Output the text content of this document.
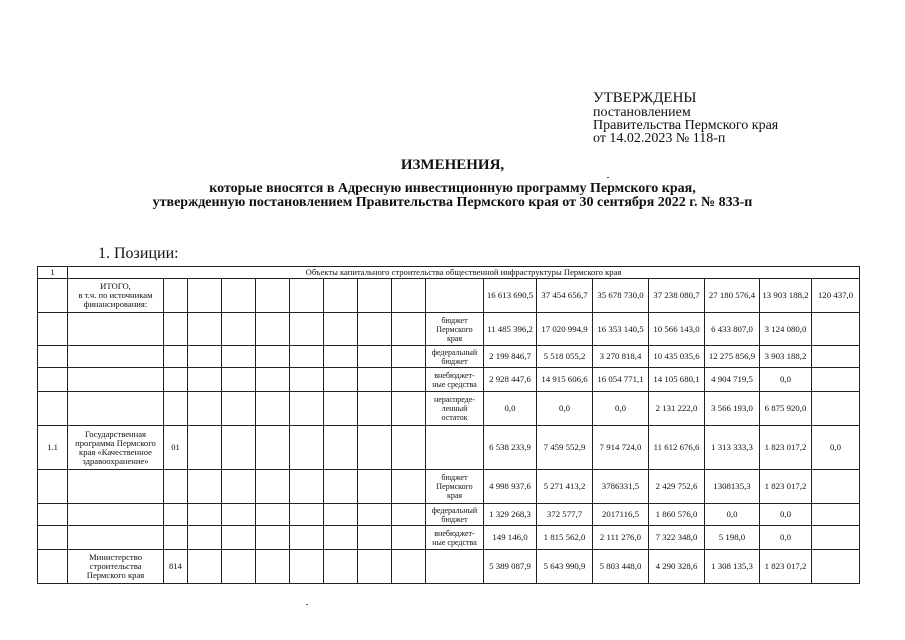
УТВЕРЖДЕНЫ
постановлением
Правительства Пермского края
от 14.02.2023 № 118-п
ИЗМЕНЕНИЯ,
которые вносятся в Адресную инвестиционную программу Пермского края,
утвержденную постановлением Правительства Пермского края от 30 сентября 2022 г. № 833-п
1. Позиции:
1	Объекты капитального строительства общественной инфраструктуры Пермского края																
	ИТОГО,
в т.ч. по источникам
финансирования:										16 613 690,5	37 454 656,7	35 678 730,0	37 238 080,7	27 180 576,4	13 903 188,2	120 437,0
										бюджет
Пермского
края	11 485 396,2	17 020 994,9	16 353 140,5	10 566 143,0	6 433 807,0	3 124 080,0	
										федеральный
бюджет	2 199 846,7	5 518 055,2	3 270 818,4	10 435 035,6	12 275 856,9	3 903 188,2	
										внебюджет-
ные средства	2 928 447,6	14 915 606,6	16 054 771,1	14 105 680,1	4 904 719,5	0,0	
										нераспреде-
ленный
остаток	0,0	0,0	0,0	2 131 222,0	3 566 193,0	6 875 920,0	
1.1	Государственная
программа Пермского
края «Качественное
здравоохранение»	01									6 538 233,9	7 459 552,9	7 914 724,0	11 612 676,6	1 313 333,3	1 823 017,2	0,0
										бюджет
Пермского
края	4 998 937,6	5 271 413,2	3786331,5	2 429 752,6	1308135,3	1 823 017,2	
										федеральный
бюджет	1 329 268,3	372 577,7	2017116,5	1 860 576,0	0,0	0,0	
										внебюджет-
ные средства	149 146,0	1 815 562,0	2 111 276,0	7 322 348,0	5 198,0	0,0	
	Министерство
строительства
Пермского края	814									5 389 087,9	5 643 990,9	5 803 448,0	4 290 328,6	1 308 135,3	1 823 017,2	
